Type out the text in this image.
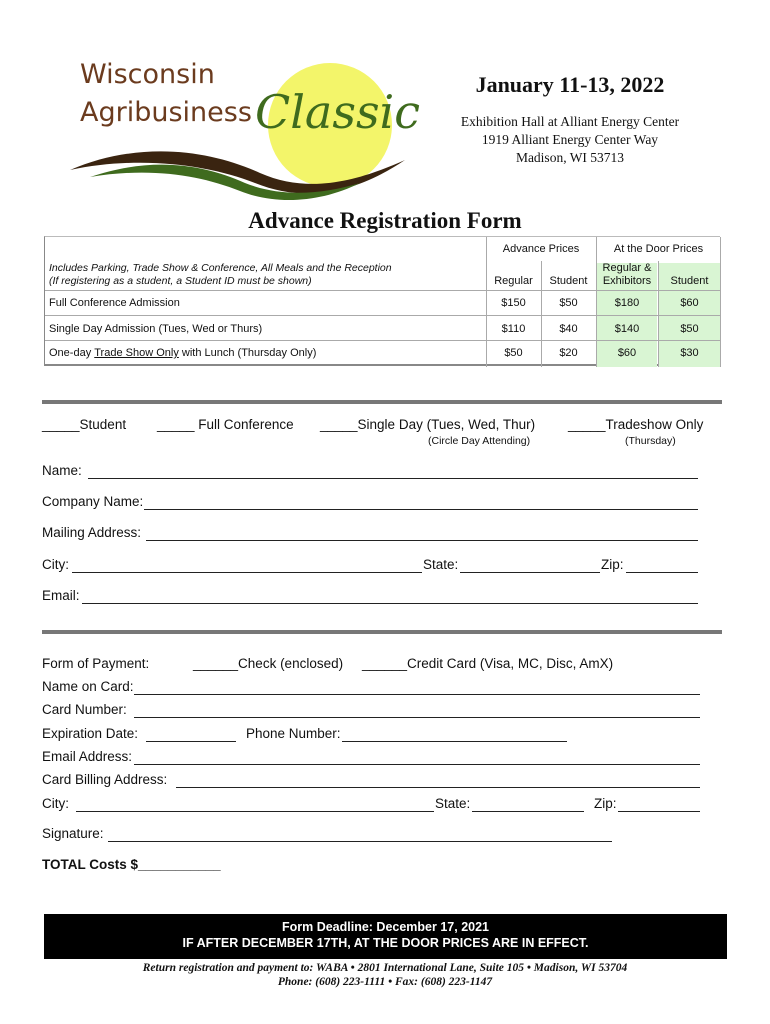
Wisconsin
Agribusiness Classic
January 11-13, 2022
Exhibition Hall at Alliant Energy Center
1919 Alliant Energy Center Way
Madison, WI 53713
Advance Registration Form
Advance Prices	At the Door Prices
Includes Parking, Trade Show & Conference, All Meals and the Reception
(If registering as a student, a Student ID must be shown)	Regular	Student
Regular &
Exhibitors	Student
Full Conference Admission	$150	$50	$180	$60
Single Day Admission (Tues, Wed or Thurs)	$110	$40	$140	$50
One-day Trade Show Only with Lunch (Thursday Only)	$50	$20	$60	$30
_____Student _____ Full Conference _____Single Day (Tues, Wed, Thur)
(Circle Day Attending)
_____Tradeshow Only
(Thursday)
Name:
Company Name:
Mailing Address:
City:	State:	Zip:
Email:
Form of Payment:	______Check (enclosed) ______Credit Card (Visa, MC, Disc, AmX)
Name on Card:
Card Number:
Expiration Date:	Phone Number:
Email Address:
Card Billing Address:
City:	State:	Zip:
Signature:
TOTAL Costs $___________
Form Deadline: December 17, 2021
IF AFTER DECEMBER 17TH, AT THE DOOR PRICES ARE IN EFFECT.
Return registration and payment to: WABA • 2801 International Lane, Suite 105 • Madison, WI 53704
Phone: (608) 223-1111 • Fax: (608) 223-1147
